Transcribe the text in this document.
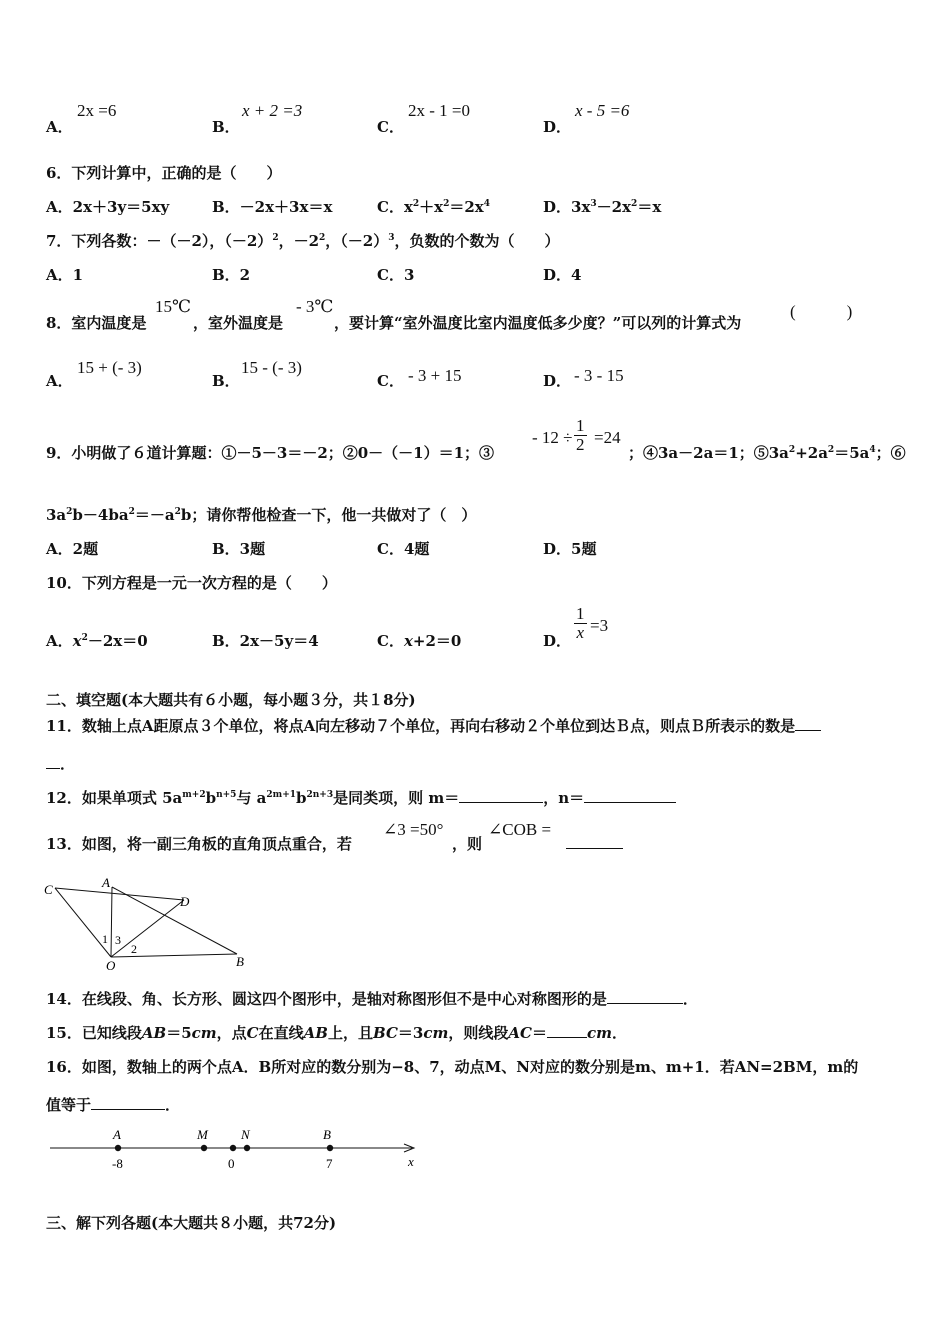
A．
2x =6
B．
x + 2 =3
C．
2x - 1 =0
D．
x - 5 =6
6．下列计算中，正确的是（　　）
A．2x＋3y＝5xy	B．－2x＋3x＝x	C．$x^2+x^2=2x^4$	D．$3x^3-2x^2=x$
7．下列各数：－（－2），$(-2)^2$，$-2^2$，$(-2)^3$，负数的个数为（　　）
A．1	B．2	C．3	D．4
8．室内温度是
15℃
，室外温度是
- 3℃
，要计算“室外温度比室内温度低多少度？”可以列的计算式为
(　　　)
A．
15 + (- 3)
B．
15 - (- 3)
C． - 3 + 15	D． - 3 - 15
9．小明做了６道计算题：①－5－3＝－2；②0－（－1）＝1；③
- $12 \div \frac{1}{2} =24$
；④3a－2a＝1；$⑤3a^2+2a^2=5a^4$；⑥
$3a^2b-4ba^2=-a^2b$；请你帮他检查一下，他一共做对了（　）
A．2题	B．3题	C．4题	D．5题
10．下列方程是一元一次方程的是（　　）
A．$x^2-2x=0$	B．2x－5y＝4	C．x+2＝0	D． $\frac{1}{x} =3$
二、填空题(本大题共有６小题，每小题３分，共１8分)
11．数轴上点A距原点３个单位，将点A向左移动７个单位，再向右移动２个单位到达Ｂ点，则点Ｂ所表示的数是
．
12．如果单项式 $5a^{m+2}b^{n+5}$与 $a^{2m+1}b^{2n+3}$是同类项，则 m＝	，n＝
13．如图，将一副三角板的直角顶点重合，若
∠3 =50°
，则
∠COB =
C	A
D
1 3
2
O	B
14．在线段、角、长方形、圆这四个图形中，是轴对称图形但不是中心对称图形的是	．
15．已知线段AB＝5cm，点C在直线AB上，且BC＝3cm，则线段AC＝	cm．
16．如图，数轴上的两个点A．B所对应的数分别为−8、7，动点M、N对应的数分别是m、m+1．若AN=2BM，m的
值等于	．
x
A
-8
M
0
N	B
7
三、解下列各题(本大题共８小题，共72分)
